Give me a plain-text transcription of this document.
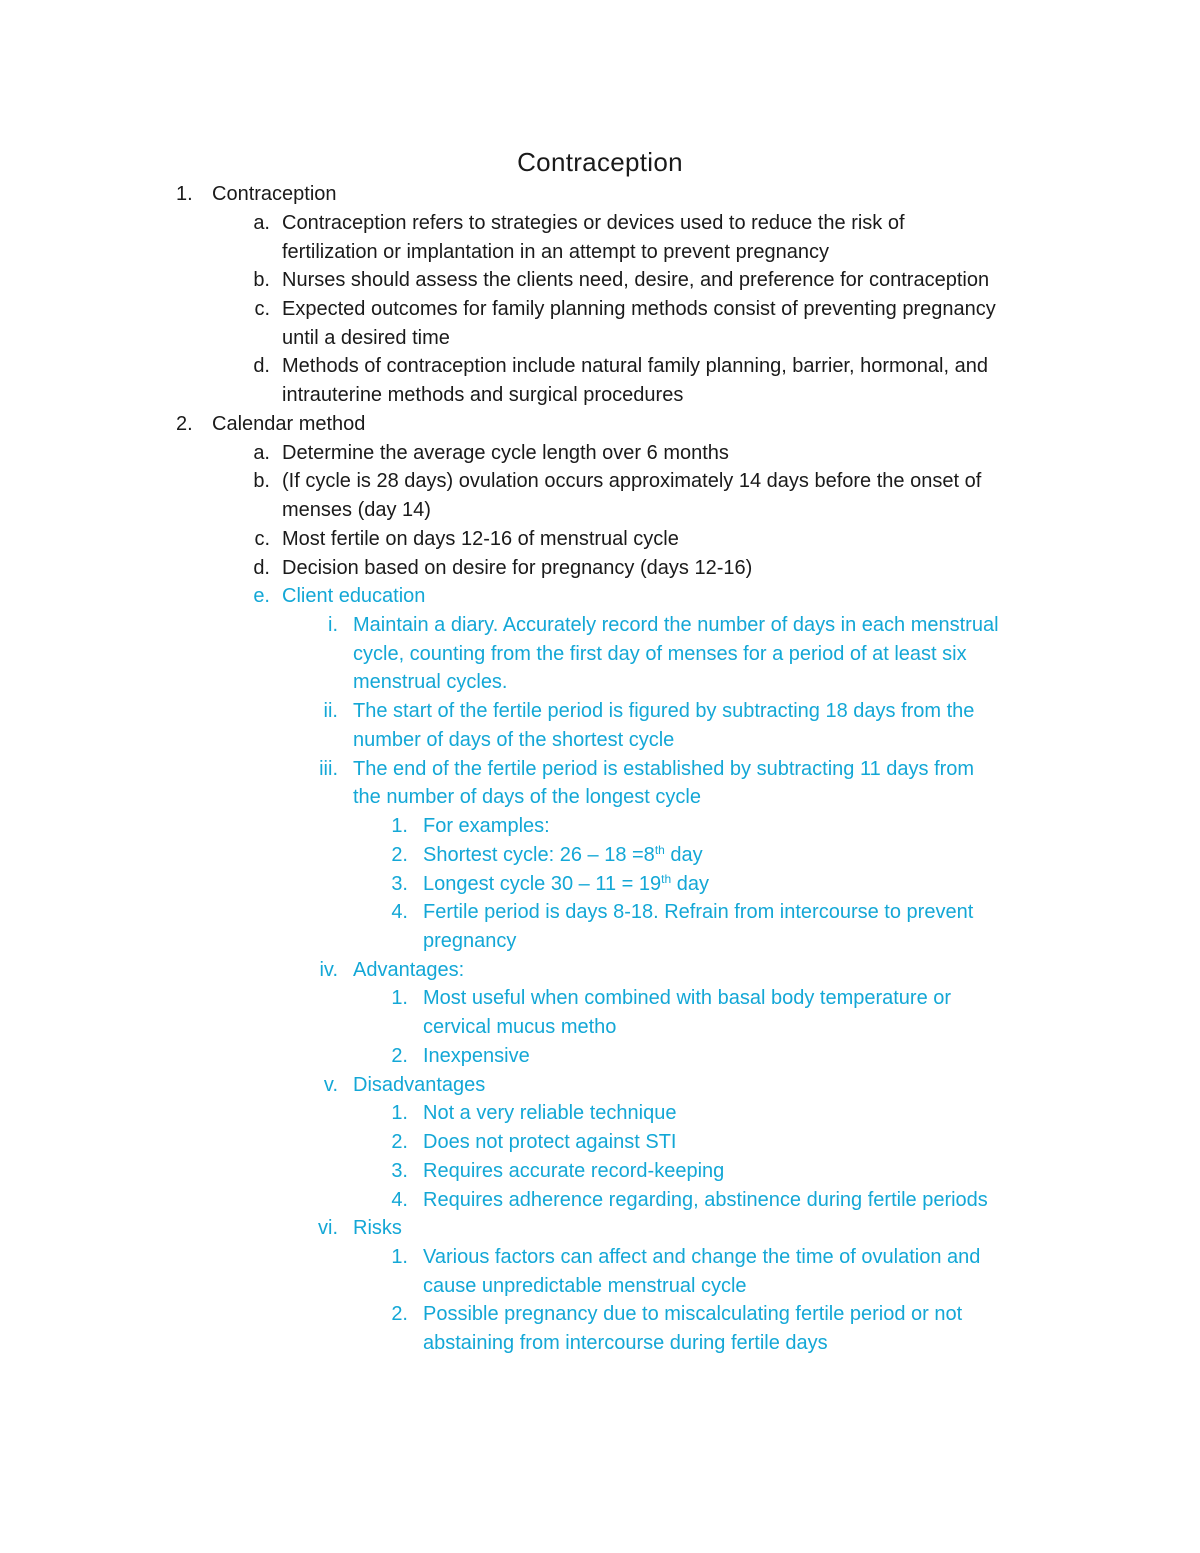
Contraception
1. Contraception
a. Contraception refers to strategies or devices used to reduce the risk of
fertilization or implantation in an attempt to prevent pregnancy
b. Nurses should assess the clients need, desire, and preference for contraception
c. Expected outcomes for family planning methods consist of preventing pregnancy
until a desired time
d. Methods of contraception include natural family planning, barrier, hormonal, and
intrauterine methods and surgical procedures
2. Calendar method
a. Determine the average cycle length over 6 months
b. (If cycle is 28 days) ovulation occurs approximately 14 days before the onset of
menses (day 14)
c. Most fertile on days 12-16 of menstrual cycle
d. Decision based on desire for pregnancy (days 12-16)
e. Client education
i. Maintain a diary. Accurately record the number of days in each menstrual
cycle, counting from the first day of menses for a period of at least six
menstrual cycles.
ii. The start of the fertile period is figured by subtracting 18 days from the
number of days of the shortest cycle
iii. The end of the fertile period is established by subtracting 11 days from
the number of days of the longest cycle
1. For examples:
2. Shortest cycle: 26 – 18 =8th day
3. Longest cycle 30 – 11 = 19th day
4. Fertile period is days 8-18. Refrain from intercourse to prevent
pregnancy
iv. Advantages:
1. Most useful when combined with basal body temperature or
cervical mucus metho
2. Inexpensive
v. Disadvantages
1. Not a very reliable technique
2. Does not protect against STI
3. Requires accurate record-keeping
4. Requires adherence regarding, abstinence during fertile periods
vi. Risks
1. Various factors can affect and change the time of ovulation and
cause unpredictable menstrual cycle
2. Possible pregnancy due to miscalculating fertile period or not
abstaining from intercourse during fertile days
